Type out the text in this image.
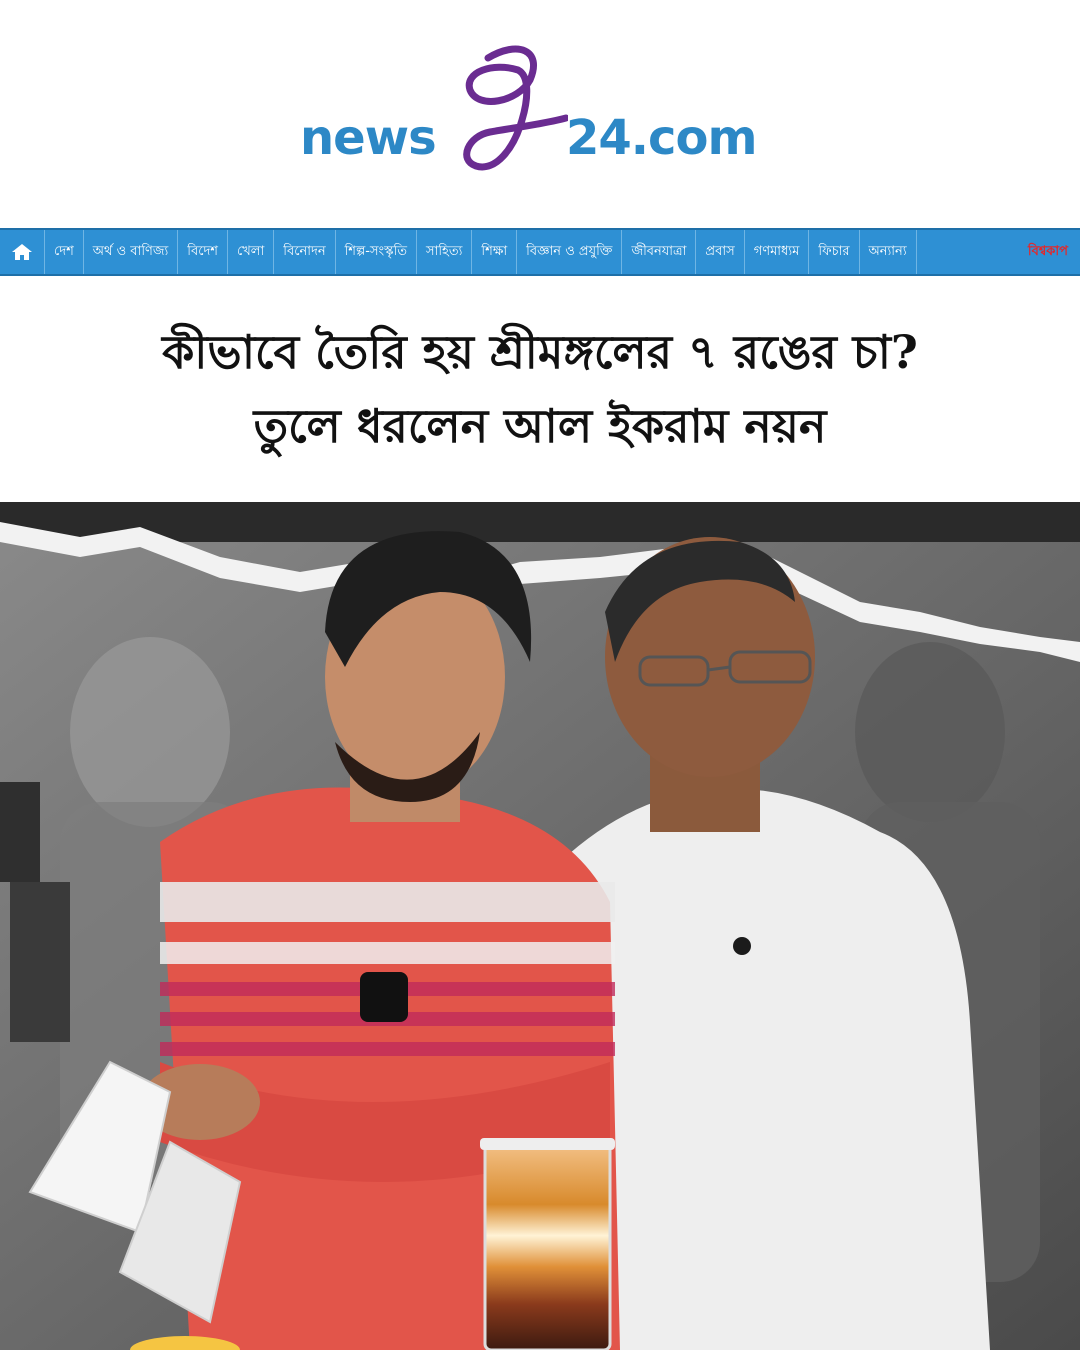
news	24.com
দেশ	অর্থ ও বাণিজ্য	বিদেশ	খেলা	বিনোদন	শিল্প-সংস্কৃতি	সাহিত্য	শিক্ষা	বিজ্ঞান ও প্রযুক্তি	জীবনযাত্রা	প্রবাস	গণমাধ্যম	ফিচার	অন্যান্য	বিশ্বকাপ
কীভাবে তৈরি হয় শ্রীমঙ্গলের ৭ রঙের চা?
তুলে ধরলেন আল ইকরাম নয়ন
